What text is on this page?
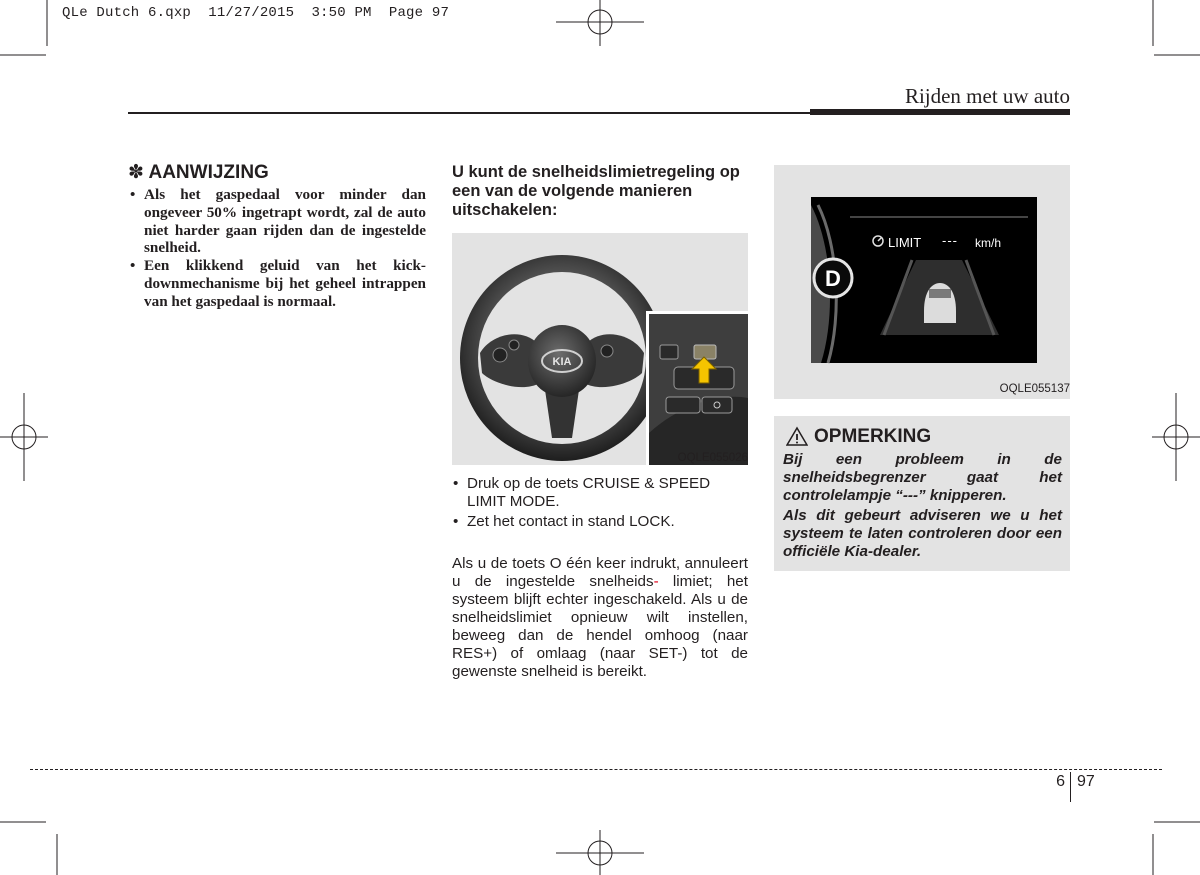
QLe Dutch 6.qxp  11/27/2015  3:50 PM  Page 97
Rijden met uw auto
✽ AANWIJZING
• Als het gaspedaal voor minder dan ongeveer 50% ingetrapt wordt, zal de auto niet harder gaan rijden dan de ingestelde snelheid.
• Een klikkend geluid van het kick-downmechanisme bij het geheel intrappen van het gaspedaal is normaal.

U kunt de snelheidslimietregeling op een van de volgende manieren uitschakelen:

KIA
OQLE055026
• Druk op de toets CRUISE & SPEED LIMIT MODE.
• Zet het contact in stand LOCK.

Als u de toets O één keer indrukt, annuleert u de ingestelde snelheids- limiet; het systeem blijft echter ingeschakeld. Als u de snelheidslimiet opnieuw wilt instellen, beweeg dan de hendel omhoog (naar RES+) of omlaag (naar SET-) tot de gewenste snelheid is bereikt.

D
LIMIT --- km/h
OQLE055137
OPMERKING

Bij een probleem in de snelheidsbegrenzer gaat het controlelampje “---” knipperen.

Als dit gebeurt adviseren we u het systeem te laten controleren door een officiële Kia-dealer.

6 97
